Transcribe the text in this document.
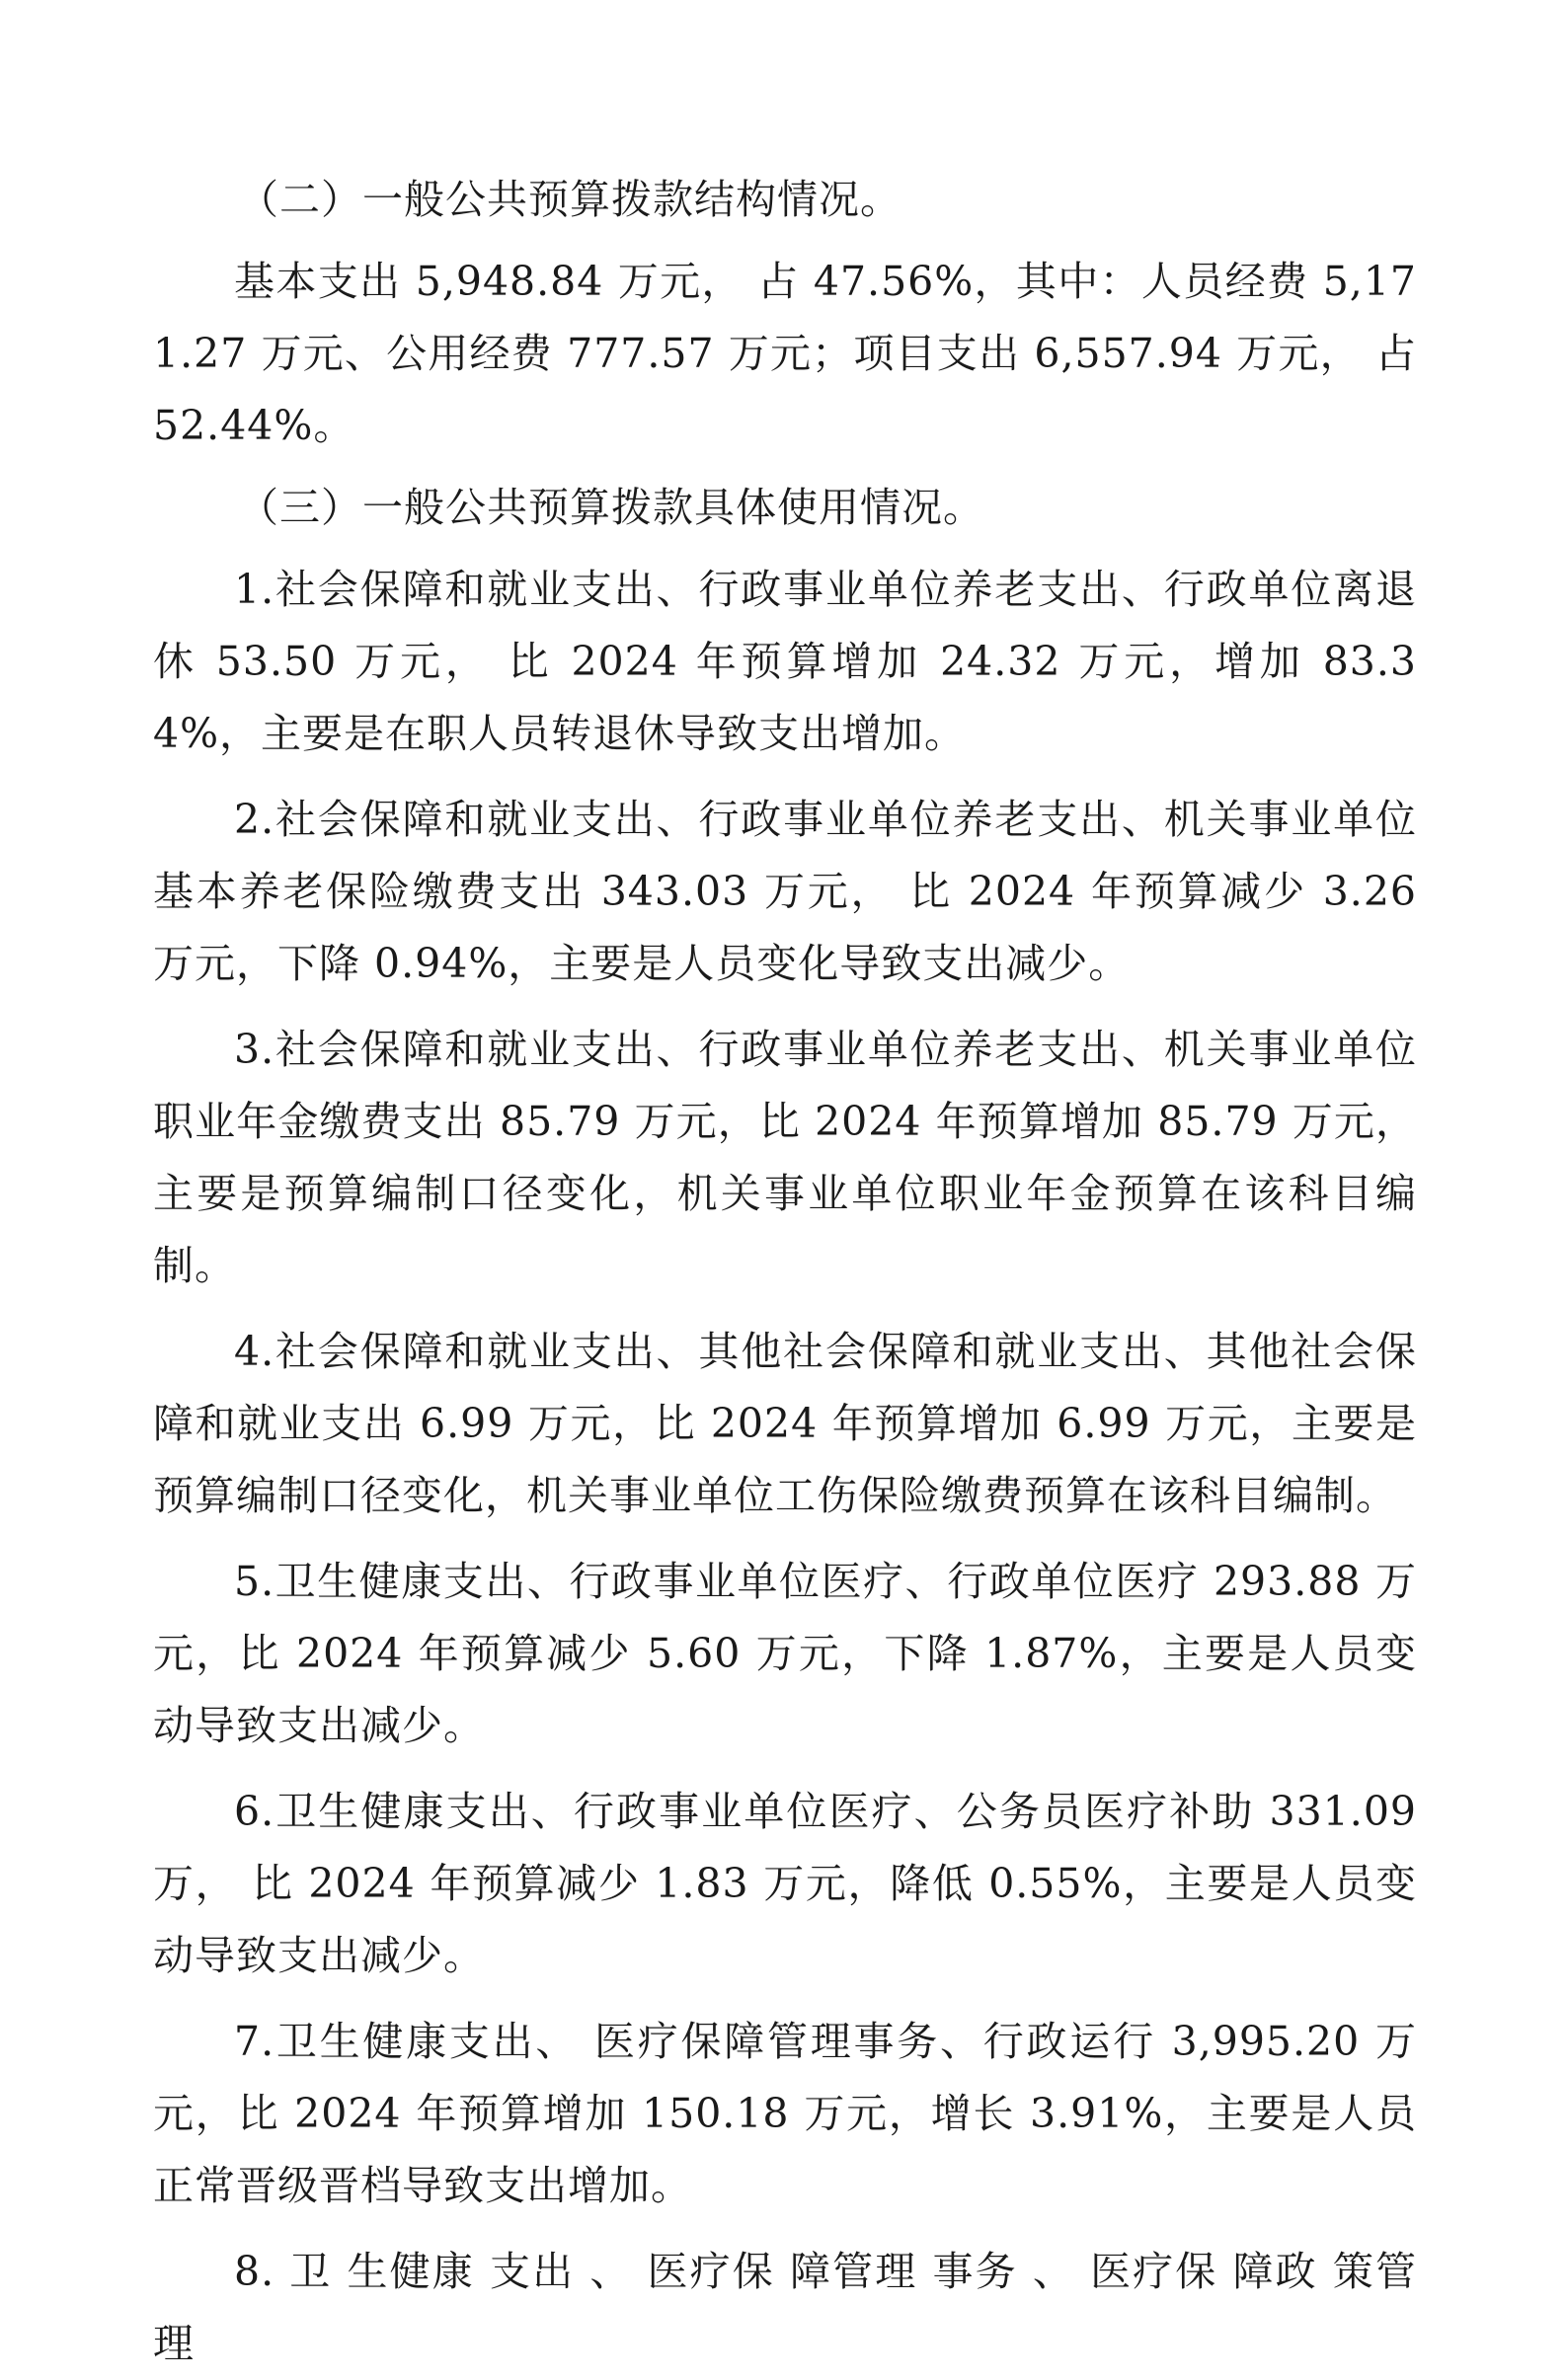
（二）一般公共预算拨款结构情况。

基本支出 5,948.84 万元， 占 47.56%，其中：人员经费 5,171.27 万元、公用经费 777.57 万元；项目支出 6,557.94 万元， 占 52.44%。

（三）一般公共预算拨款具体使用情况。

1.社会保障和就业支出、行政事业单位养老支出、行政单位离退休 53.50 万元， 比 2024 年预算增加 24.32 万元，增加 83.34%，主要是在职人员转退休导致支出增加。

2.社会保障和就业支出、行政事业单位养老支出、机关事业单位基本养老保险缴费支出 343.03 万元， 比 2024 年预算减少 3.26 万元，下降 0.94%，主要是人员变化导致支出减少。

3.社会保障和就业支出、行政事业单位养老支出、机关事业单位职业年金缴费支出 85.79 万元，比 2024 年预算增加 85.79 万元，主要是预算编制口径变化，机关事业单位职业年金预算在该科目编制。

4.社会保障和就业支出、其他社会保障和就业支出、其他社会保障和就业支出 6.99 万元，比 2024 年预算增加 6.99 万元，主要是预算编制口径变化，机关事业单位工伤保险缴费预算在该科目编制。

5.卫生健康支出、行政事业单位医疗、行政单位医疗 293.88 万元，比 2024 年预算减少 5.60 万元，下降 1.87%，主要是人员变动导致支出减少。

6.卫生健康支出、行政事业单位医疗、公务员医疗补助 331.09 万， 比 2024 年预算减少 1.83 万元，降低 0.55%，主要是人员变动导致支出减少。

7.卫生健康支出、 医疗保障管理事务、行政运行 3,995.20 万元，比 2024 年预算增加 150.18 万元，增长 3.91%，主要是人员正常晋级晋档导致支出增加。

8. 卫 生健康 支出 、 医疗保 障管理 事务 、 医疗保 障政 策管理
